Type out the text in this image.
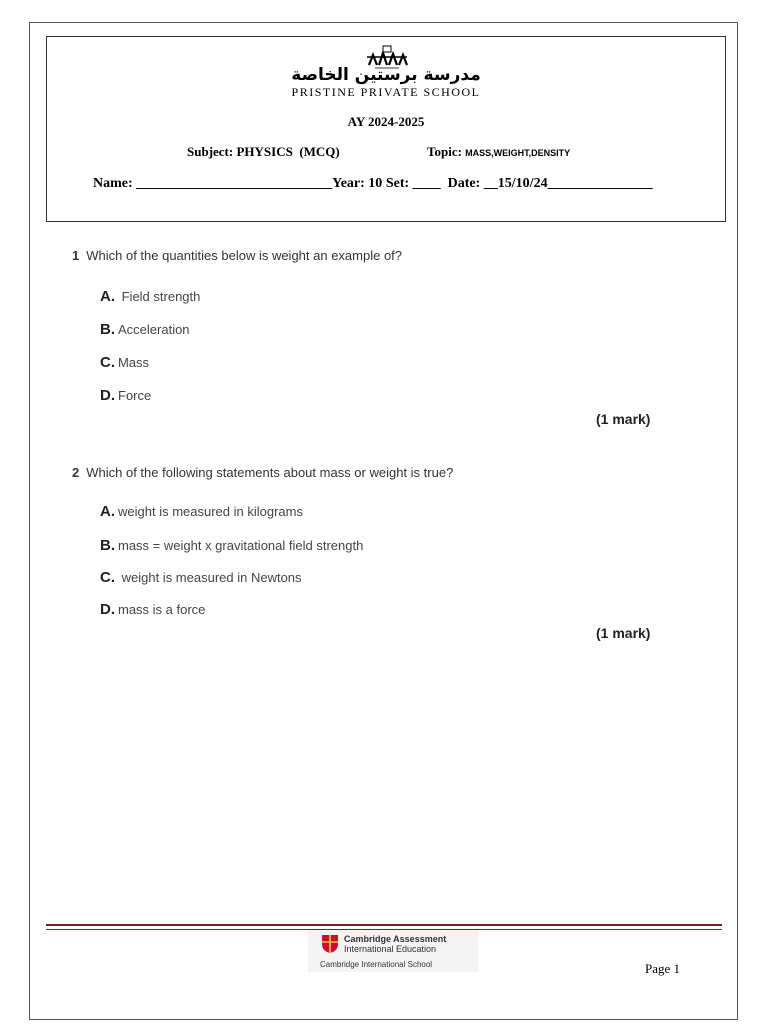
مدرسة برستين الخاصة
PRISTINE PRIVATE SCHOOL
AY 2024-2025
Subject: PHYSICS  (MCQ)	Topic: MASS,WEIGHT,DENSITY
Name: ____________________________Year: 10 Set: ____ Date: __15/10/24_______________
1 Which of the quantities below is weight an example of?
A. Field strength
B. Acceleration
C. Mass
D. Force
(1 mark)
2 Which of the following statements about mass or weight is true?
A. weight is measured in kilograms
B. mass = weight x gravitational field strength
C. weight is measured in Newtons
D. mass is a force
(1 mark)
Cambridge Assessment
International Education
Cambridge International School	Page 1
